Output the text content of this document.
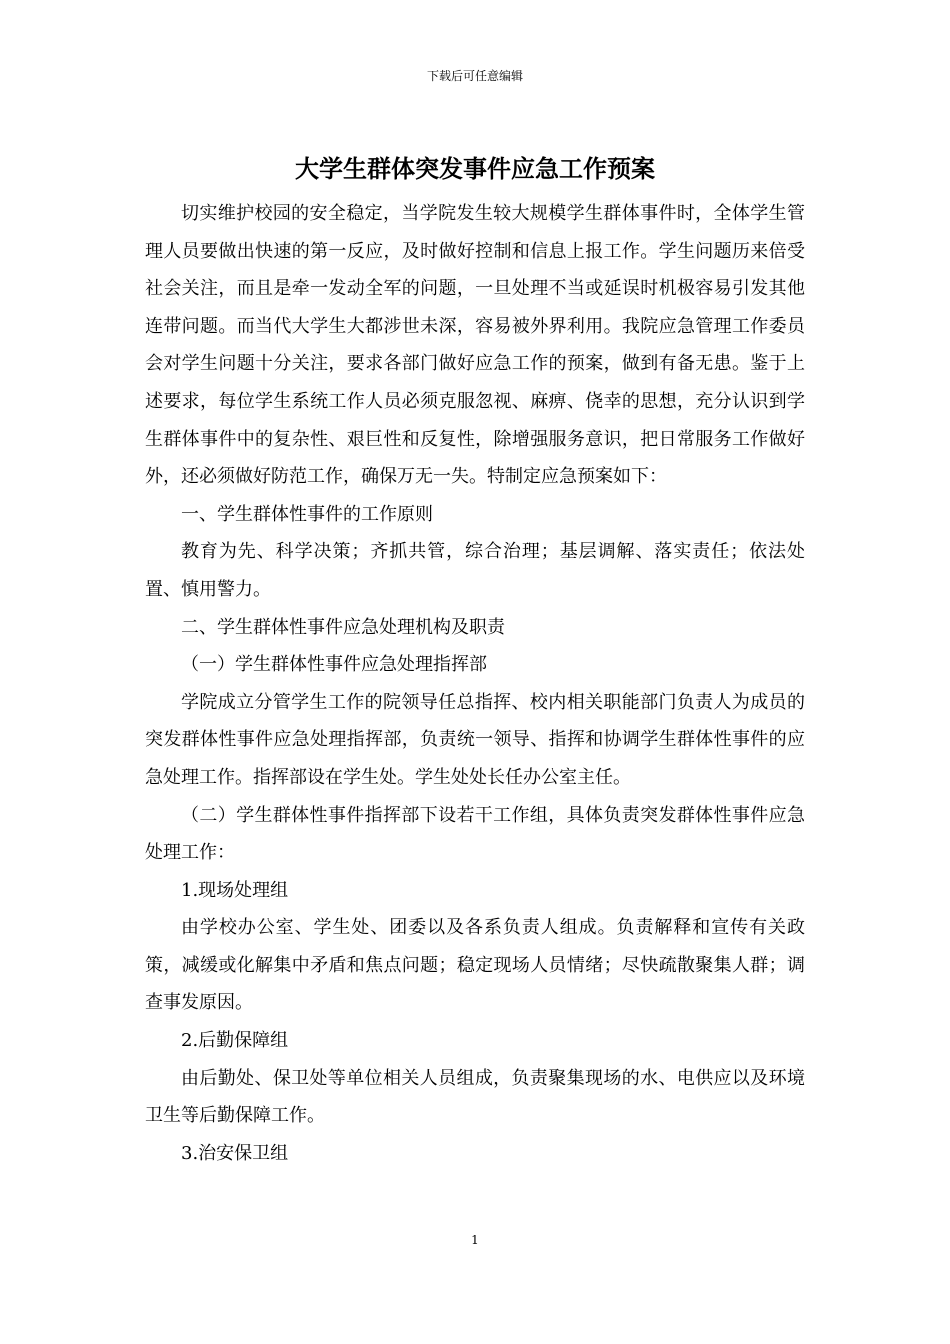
下载后可任意编辑
大学生群体突发事件应急工作预案

切实维护校园的安全稳定，当学院发生较大规模学生群体事件时，全体学生管理人员要做出快速的第一反应，及时做好控制和信息上报工作。学生问题历来倍受社会关注，而且是牵一发动全军的问题，一旦处理不当或延误时机极容易引发其他连带问题。而当代大学生大都涉世未深，容易被外界利用。我院应急管理工作委员会对学生问题十分关注，要求各部门做好应急工作的预案，做到有备无患。鉴于上述要求，每位学生系统工作人员必须克服忽视、麻痹、侥幸的思想，充分认识到学生群体事件中的复杂性、艰巨性和反复性，除增强服务意识，把日常服务工作做好外，还必须做好防范工作，确保万无一失。特制定应急预案如下：

一、学生群体性事件的工作原则

教育为先、科学决策；齐抓共管，综合治理；基层调解、落实责任；依法处置、慎用警力。

二、学生群体性事件应急处理机构及职责

（一）学生群体性事件应急处理指挥部

学院成立分管学生工作的院领导任总指挥、校内相关职能部门负责人为成员的突发群体性事件应急处理指挥部，负责统一领导、指挥和协调学生群体性事件的应急处理工作。指挥部设在学生处。学生处处长任办公室主任。

（二）学生群体性事件指挥部下设若干工作组，具体负责突发群体性事件应急处理工作：

1.现场处理组

由学校办公室、学生处、团委以及各系负责人组成。负责解释和宣传有关政策，减缓或化解集中矛盾和焦点问题；稳定现场人员情绪；尽快疏散聚集人群；调查事发原因。

2.后勤保障组

由后勤处、保卫处等单位相关人员组成，负责聚集现场的水、电供应以及环境卫生等后勤保障工作。

3.治安保卫组

1
